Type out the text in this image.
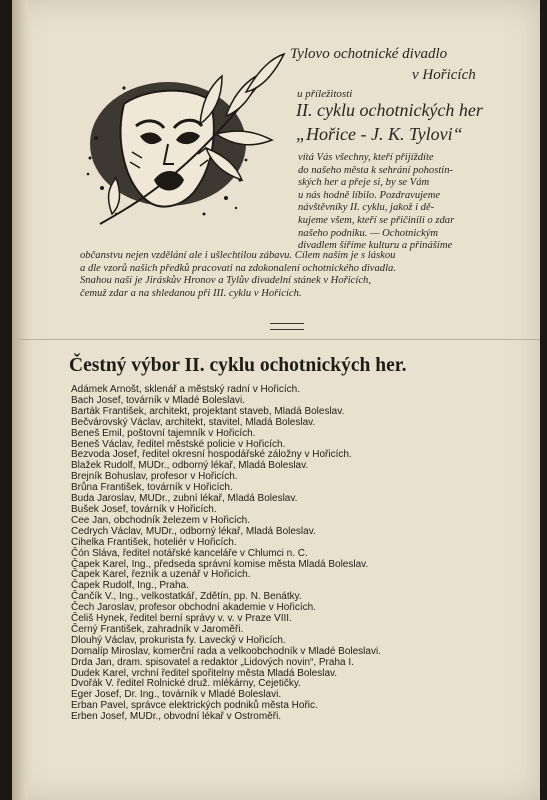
Tylovo ochotnické divadlo
v Hořicích
u příležitosti
II. cyklu ochotnických her
„Hořice - J. K. Tylovi“
vítá Vás všechny, kteří přijíždíte
do našeho města k sehrání pohostin-
ských her a přeje si, by se Vám
u nás hodně líbilo. Pozdravujeme
návštěvníky II. cyklu, jakož i dě-
kujeme všem, kteří se přičinili o zdar
našeho podniku. — Ochotnickým
divadlem šíříme kulturu a přinášíme
občanstvu nejen vzdělání ale i ušlechtilou zábavu. Cílem naším je s láskou
a dle vzorů našich předků pracovati na zdokonalení ochotnického divadla.
Snahou naší je Jiráskův Hronov a Tylův divadelní stánek v Hořicích,
čemuž zdar a na shledanou při III. cyklu v Hořicích.
Čestný výbor II. cyklu ochotnických her.
Adámek Arnošt, sklenář a městský radní v Hořicích.
Bach Josef, továrník v Mladé Boleslavi.
Barták František, architekt, projektant staveb, Mladá Boleslav.
Bečvárovský Václav, architekt, stavitel, Mladá Boleslav.
Beneš Emil, poštovní tajemník v Hořicích.
Beneš Václav, ředitel městské policie v Hořicích.
Bezvoda Josef, ředitel okresní hospodářské záložny v Hořicích.
Blažek Rudolf, MUDr., odborný lékař, Mladá Boleslav.
Brejník Bohuslav, profesor v Hořicích.
Brůna František, továrník v Hořicích.
Buda Jaroslav, MUDr., zubní lékař, Mladá Boleslav.
Bušek Josef, továrník v Hořicích.
Cee Jan, obchodník železem v Hořicích.
Cedrych Václav, MUDr., odborný lékař, Mladá Boleslav.
Cihelka František, hoteliér v Hořicích.
Čón Sláva, ředitel notářské kanceláře v Chlumci n. C.
Čapek Karel, Ing., předseda správní komise města Mladá Boleslav.
Čapek Karel, řezník a uzenář v Hořicích.
Čapek Rudolf, Ing., Praha.
Čančík V., Ing., velkostatkář, Zdětín, pp. N. Benátky.
Čech Jaroslav, profesor obchodní akademie v Hořicích.
Čeliš Hynek, ředitel berní správy v. v. v Praze VIII.
Černý František, zahradník v Jaroměři.
Dlouhý Václav, prokurista fy. Lavecký v Hořicích.
Domalíp Miroslav, komerční rada a velkoobchodník v Mladé Boleslavi.
Drda Jan, dram. spisovatel a redaktor „Lidových novin“, Praha I.
Dudek Karel, vrchní ředitel spořitelny města Mladá Boleslav.
Dvořák V. ředitel Rolnické druž. mlékárny, Cejetičky.
Eger Josef, Dr. Ing., továrník v Mladé Boleslavi.
Erban Pavel, správce elektrických podniků města Hořic.
Erben Josef, MUDr., obvodní lékař v Ostroměři.
